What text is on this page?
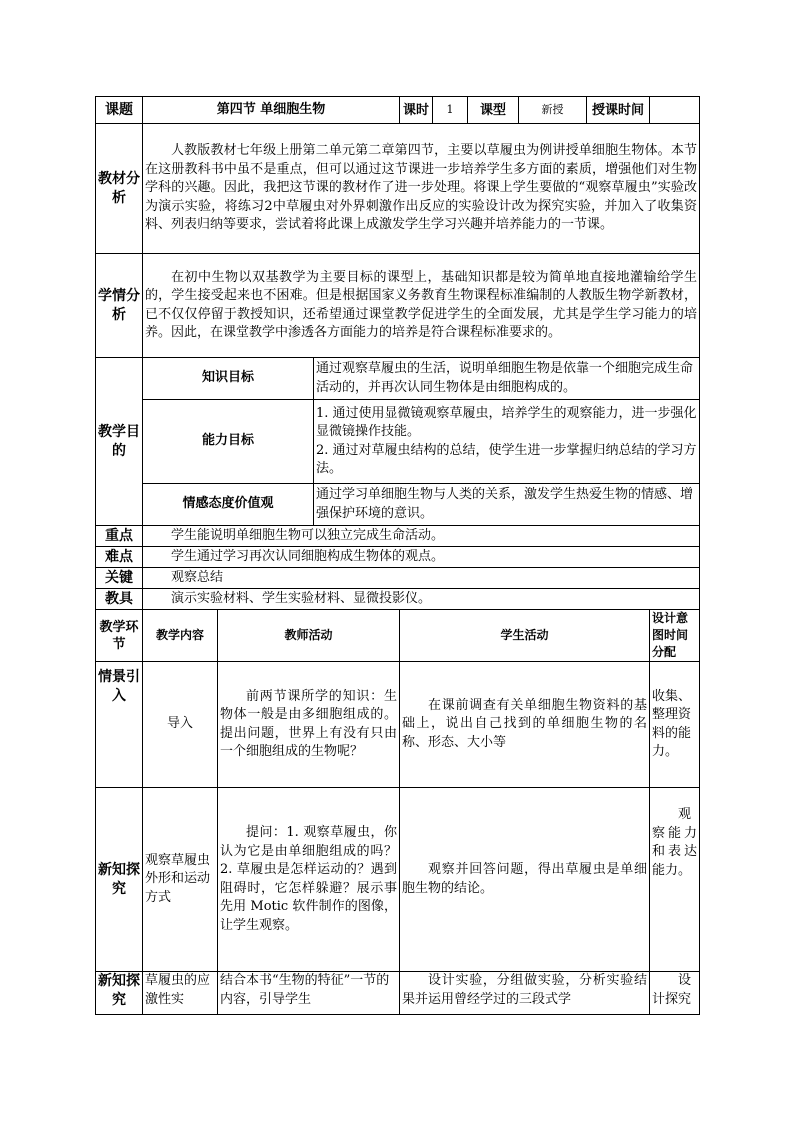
课题	第四节 单细胞生物			课时	1	课型	新授	授课时间	
教材分析	人教版教材七年级上册第二单元第二章第四节，主要以草履虫为例讲授单细胞生物体。本节在这册教科书中虽不是重点，但可以通过这节课进一步培养学生多方面的素质，增强他们对生物学科的兴趣。因此，我把这节课的教材作了进一步处理。将课上学生要做的“观察草履虫”实验改为演示实验，将练习2中草履虫对外界刺激作出反应的实验设计改为探究实验，并加入了收集资料、列表归纳等要求，尝试着将此课上成激发学生学习兴趣并培养能力的一节课。								
学情分析	在初中生物以双基教学为主要目标的课型上，基础知识都是较为简单地直接地灌输给学生的，学生接受起来也不困难。但是根据国家义务教育生物课程标准编制的人教版生物学新教材，已不仅仅停留于教授知识，还希望通过课堂教学促进学生的全面发展，尤其是学生学习能力的培养。因此，在课堂教学中渗透各方面能力的培养是符合课程标准要求的。								
教学目的	知识目标		通过观察草履虫的生活，说明单细胞生物是依靠一个细胞完成生命活动的，并再次认同生物体是由细胞构成的。						
	能力目标		1. 通过使用显微镜观察草履虫，培养学生的观察能力，进一步强化显微镜操作技能。
2. 通过对草履虫结构的总结，使学生进一步掌握归纳总结的学习方法。						

	情感态度价值观		通过学习单细胞生物与人类的关系，激发学生热爱生物的情感、增强保护环境的意识。						
重点	学生能说明单细胞生物可以独立完成生命活动。								
难点	学生通过学习再次认同细胞构成生物体的观点。								
关键	观察总结								
教具	演示实验材料、学生实验材料、显微投影仪。								
教学环节	教学内容	教师活动		学生活动					设计意图时间分配
情景引入	导入	前两节课所学的知识：生物体一般是由多细胞组成的。提出问题，世界上有没有只由一个细胞组成的生物呢？		在课前调查有关单细胞生物资料的基础上，说出自己找到的单细胞生物的名称、形态、大小等					收集、整理资料的能力。
新知探究	观察草履虫外形和运动方式	提问：1. 观察草履虫，你认为它是由单细胞组成的吗？2. 草履虫是怎样运动的？遇到阻碍时，它怎样躲避？展示事先用 Motic 软件制作的图像，让学生观察。		观察并回答问题，得出草履虫是单细胞生物的结论。					观察能力和表达能力。
新知探究	草履虫的应激性实	结合本书“生物的特征”一节的内容，引导学生		设计实验，分组做实验，分析实验结果并运用曾经学过的三段式学					设计探究
